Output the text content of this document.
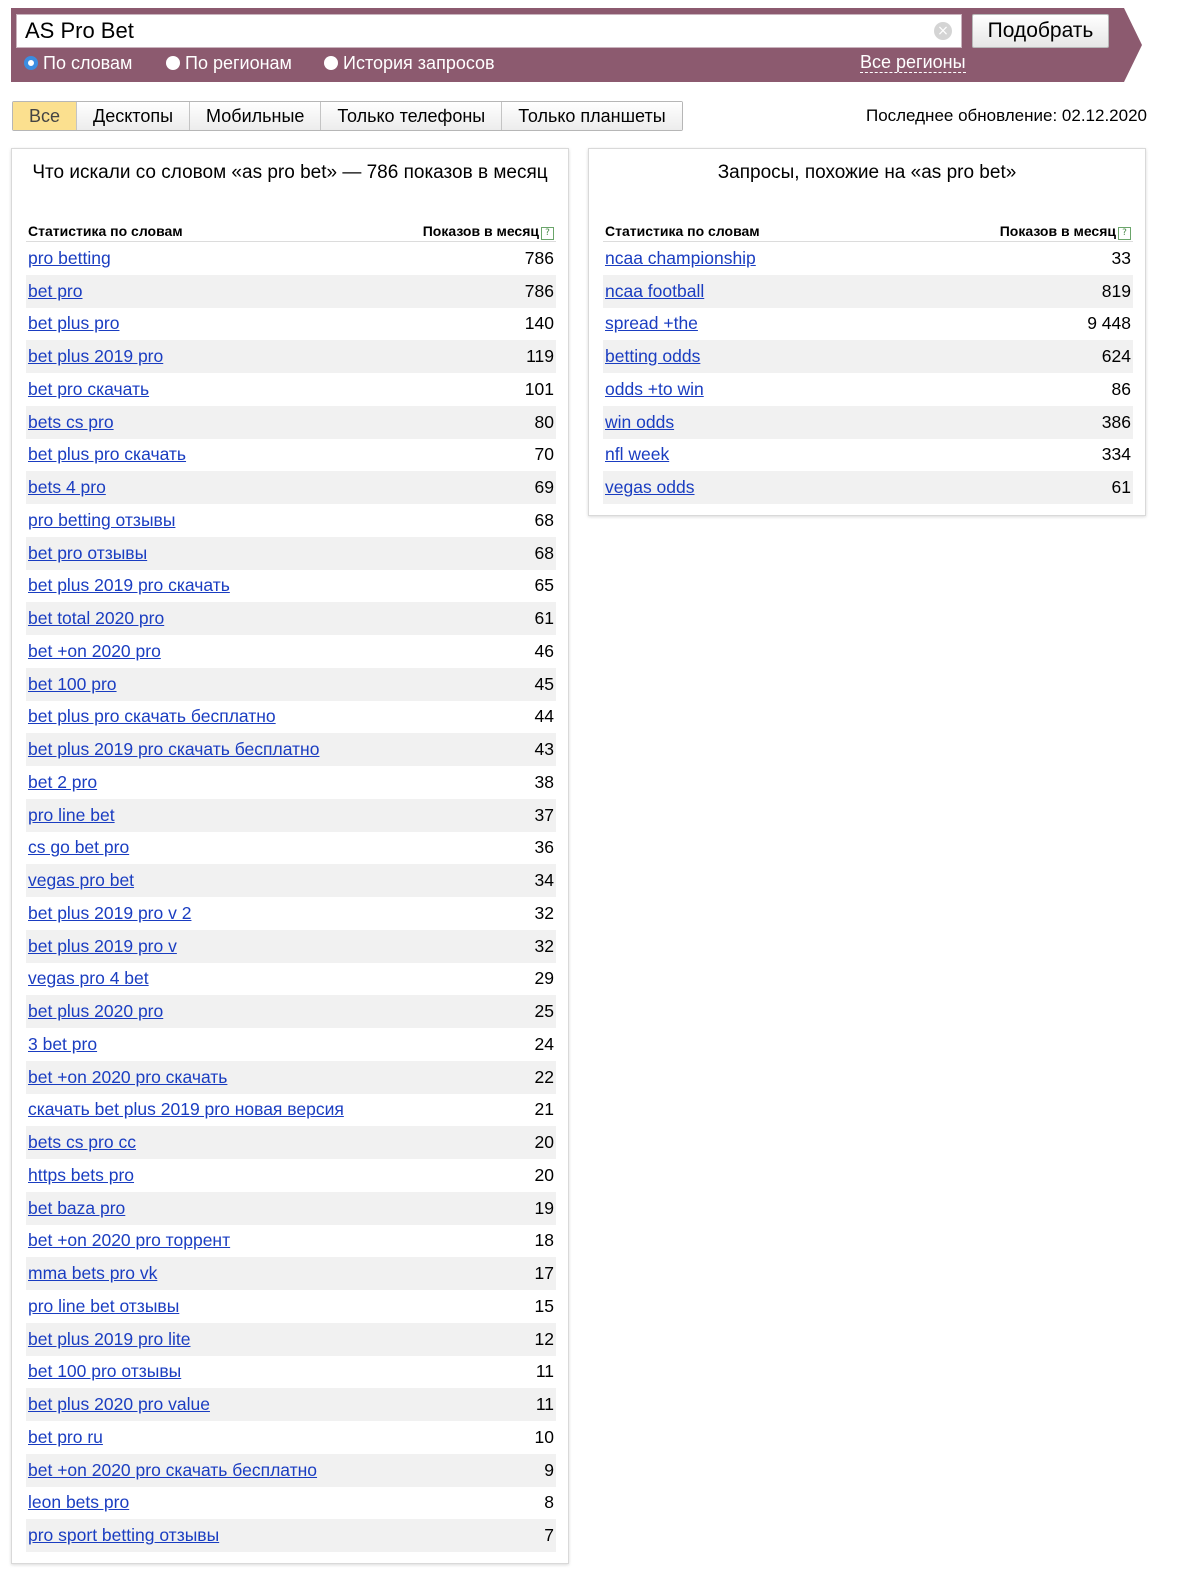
AS Pro Bet
×	Подобрать
По словам	По регионам	История запросов	Все регионы
Все	Десктопы	Мобильные	Только телефоны	Только планшеты	Последнее обновление: 02.12.2020
Что искали со словом «as pro bet» — 786 показов в месяц
Статистика по словам	Показов в месяц ?
pro betting	786
bet pro	786
bet plus pro	140
bet plus 2019 pro	119
bet pro скачать	101
bets cs pro	80
bet plus pro скачать	70
bets 4 pro	69
pro betting отзывы	68
bet pro отзывы	68
bet plus 2019 pro скачать	65
bet total 2020 pro	61
bet +on 2020 pro	46
bet 100 pro	45
bet plus pro скачать бесплатно	44
bet plus 2019 pro скачать бесплатно	43
bet 2 pro	38
pro line bet	37
cs go bet pro	36
vegas pro bet	34
bet plus 2019 pro v 2	32
bet plus 2019 pro v	32
vegas pro 4 bet	29
bet plus 2020 pro	25
3 bet pro	24
bet +on 2020 pro скачать	22
скачать bet plus 2019 pro новая версия	21
bets cs pro cc	20
https bets pro	20
bet baza pro	19
bet +on 2020 pro торрент	18
mma bets pro vk	17
pro line bet отзывы	15
bet plus 2019 pro lite	12
bet 100 pro отзывы	11
bet plus 2020 pro value	11
bet pro ru	10
bet +on 2020 pro скачать бесплатно	9
leon bets pro	8
pro sport betting отзывы	7
Запросы, похожие на «as pro bet»
Статистика по словам	Показов в месяц ?
ncaa championship	33
ncaa football	819
spread +the	9 448
betting odds	624
odds +to win	86
win odds	386
nfl week	334
vegas odds	61
